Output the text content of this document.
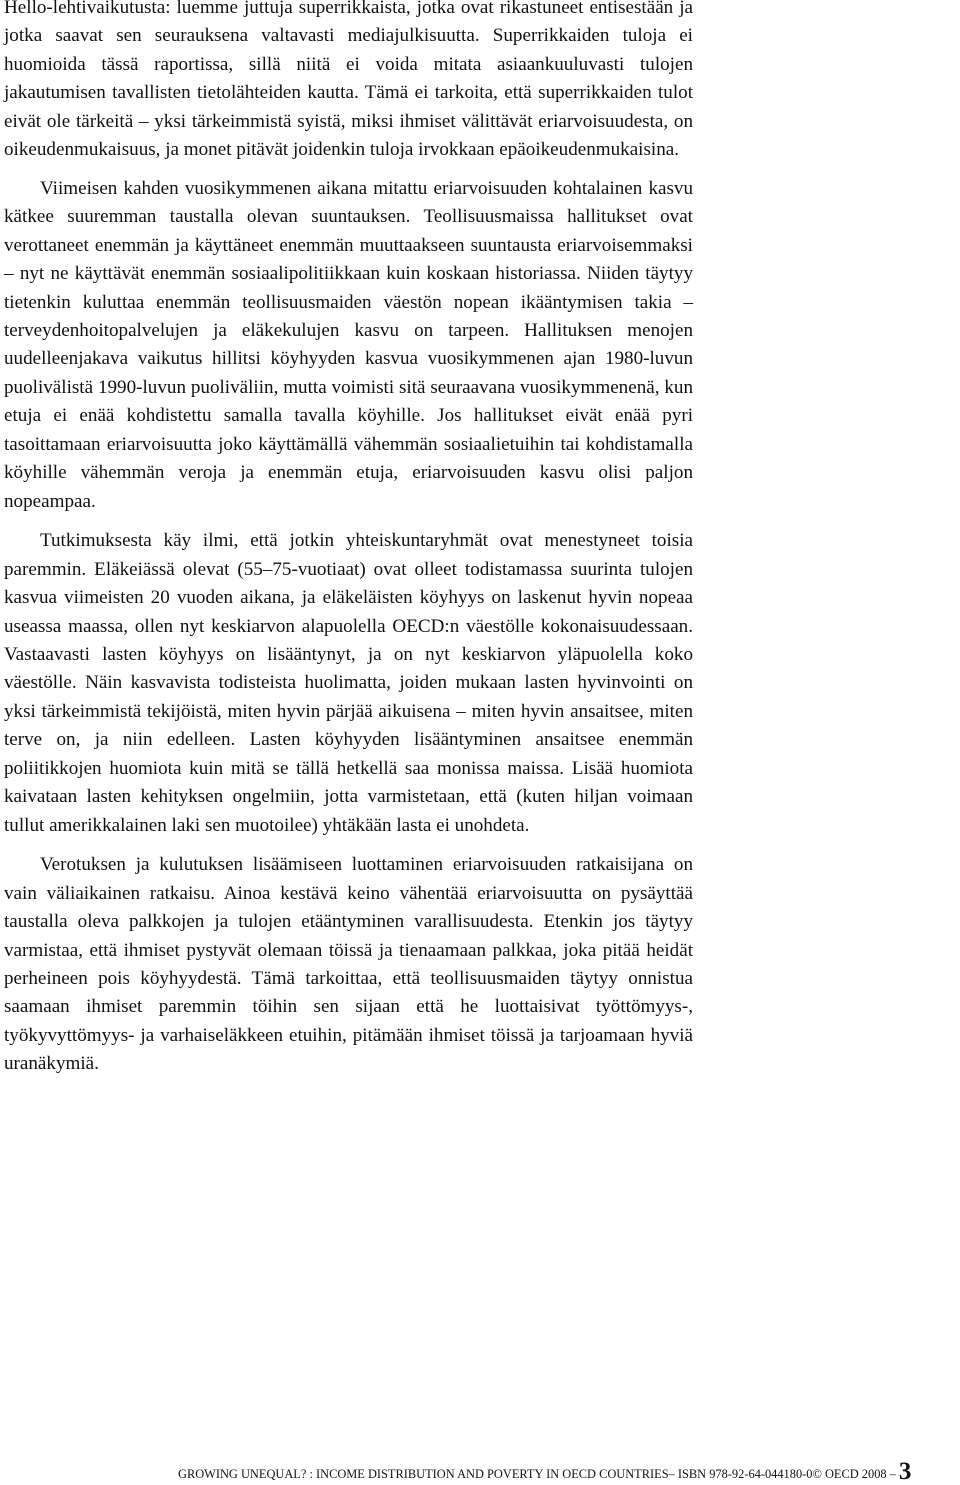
Hello-lehtivaikutusta: luemme juttuja superrikkaista, jotka ovat rikastuneet entisestään ja jotka saavat sen seurauksena valtavasti mediajulkisuutta. Superrikkaiden tuloja ei huomioida tässä raportissa, sillä niitä ei voida mitata asiaankuuluvasti tulojen jakautumisen tavallisten tietolähteiden kautta. Tämä ei tarkoita, että superrikkaiden tulot eivät ole tärkeitä – yksi tärkeimmistä syistä, miksi ihmiset välittävät eriarvoisuudesta, on oikeudenmukaisuus, ja monet pitävät joidenkin tuloja irvokkaan epäoikeudenmukaisina.

Viimeisen kahden vuosikymmenen aikana mitattu eriarvoisuuden kohtalainen kasvu kätkee suuremman taustalla olevan suuntauksen. Teollisuusmaissa hallitukset ovat verottaneet enemmän ja käyttäneet enemmän muuttaakseen suuntausta eriarvoisemmaksi – nyt ne käyttävät enemmän sosiaalipolitiikkaan kuin koskaan historiassa. Niiden täytyy tietenkin kuluttaa enemmän teollisuusmaiden väestön nopean ikääntymisen takia – terveydenhoitopalvelujen ja eläkekulujen kasvu on tarpeen. Hallituksen menojen uudelleenjakava vaikutus hillitsi köyhyyden kasvua vuosikymmenen ajan 1980-luvun puolivälistä 1990-luvun puoliväliin, mutta voimisti sitä seuraavana vuosikymmenenä, kun etuja ei enää kohdistettu samalla tavalla köyhille. Jos hallitukset eivät enää pyri tasoittamaan eriarvoisuutta joko käyttämällä vähemmän sosiaalietuihin tai kohdistamalla köyhille vähemmän veroja ja enemmän etuja, eriarvoisuuden kasvu olisi paljon nopeampaa.

Tutkimuksesta käy ilmi, että jotkin yhteiskuntaryhmät ovat menestyneet toisia paremmin. Eläkeiässä olevat (55–75-vuotiaat) ovat olleet todistamassa suurinta tulojen kasvua viimeisten 20 vuoden aikana, ja eläkeläisten köyhyys on laskenut hyvin nopeaa useassa maassa, ollen nyt keskiarvon alapuolella OECD:n väestölle kokonaisuudessaan. Vastaavasti lasten köyhyys on lisääntynyt, ja on nyt keskiarvon yläpuolella koko väestölle. Näin kasvavista todisteista huolimatta, joiden mukaan lasten hyvinvointi on yksi tärkeimmistä tekijöistä, miten hyvin pärjää aikuisena – miten hyvin ansaitsee, miten terve on, ja niin edelleen. Lasten köyhyyden lisääntyminen ansaitsee enemmän poliitikkojen huomiota kuin mitä se tällä hetkellä saa monissa maissa. Lisää huomiota kaivataan lasten kehityksen ongelmiin, jotta varmistetaan, että (kuten hiljan voimaan tullut amerikkalainen laki sen muotoilee) yhtäkään lasta ei unohdeta.

Verotuksen ja kulutuksen lisäämiseen luottaminen eriarvoisuuden ratkaisijana on vain väliaikainen ratkaisu. Ainoa kestävä keino vähentää eriarvoisuutta on pysäyttää taustalla oleva palkkojen ja tulojen etääntyminen varallisuudesta. Etenkin jos täytyy varmistaa, että ihmiset pystyvät olemaan töissä ja tienaamaan palkkaa, joka pitää heidät perheineen pois köyhyydestä. Tämä tarkoittaa, että teollisuusmaiden täytyy onnistua saamaan ihmiset paremmin töihin sen sijaan että he luottaisivat työttömyys-, työkyvyttömyys- ja varhaiseläkkeen etuihin, pitämään ihmiset töissä ja tarjoamaan hyviä uranäkymiä.

GROWING UNEQUAL? : INCOME DISTRIBUTION AND POVERTY IN OECD COUNTRIES– ISBN 978-92-64-044180-0© OECD 2008 – 3
